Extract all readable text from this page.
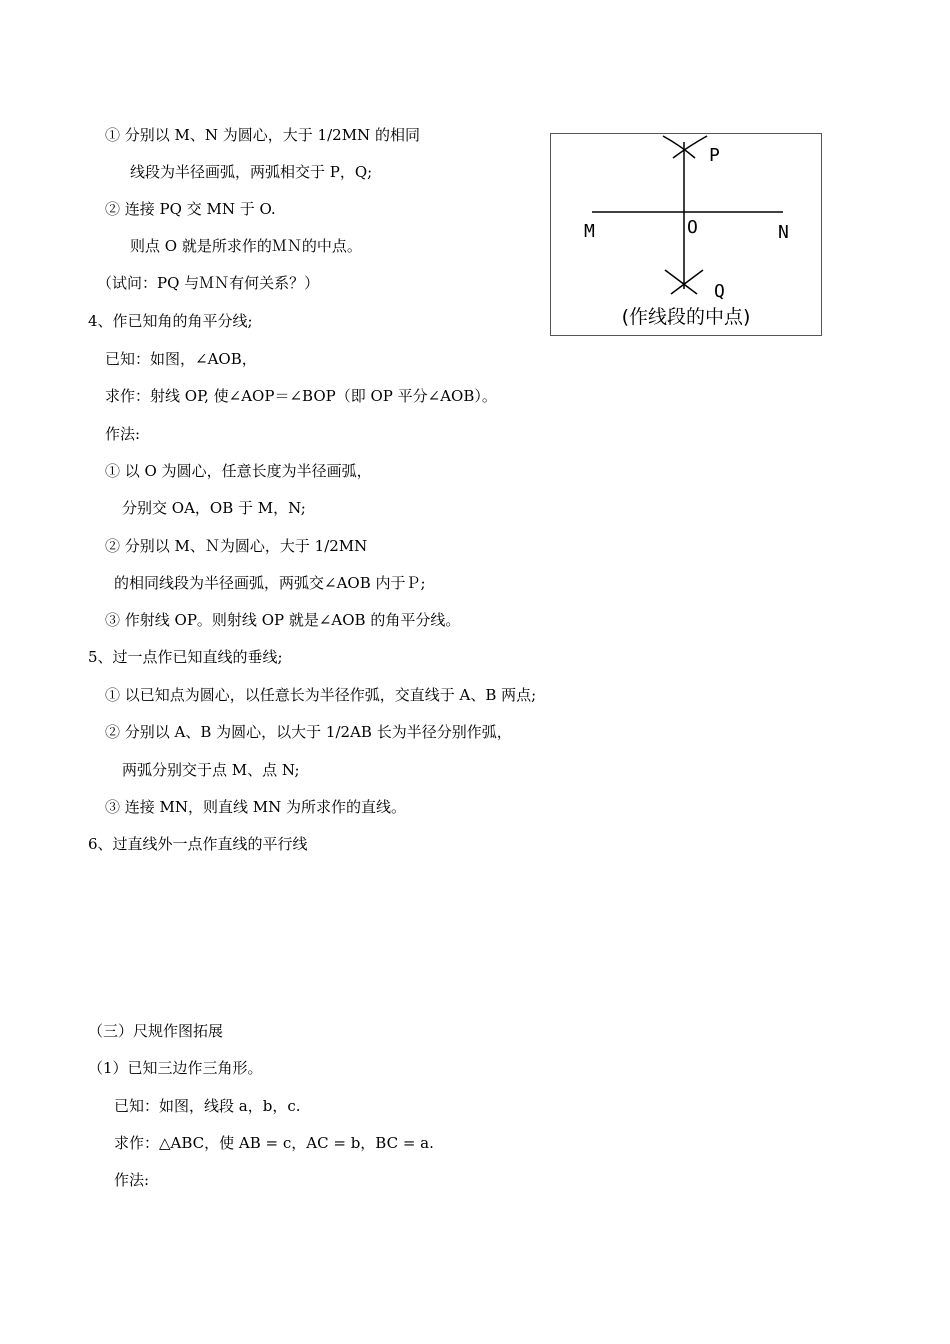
① 分别以 M、N 为圆心，大于 1/2MN 的相同
线段为半径画弧，两弧相交于 P，Q;
② 连接 PQ 交 MN 于 O.
则点 O 就是所求作的ＭＮ的中点。
（试问：PQ 与ＭＮ有何关系？）
4、作已知角的角平分线;
已知：如图，∠AOB，
求作：射线 OP, 使∠AOP＝∠BOP（即 OP 平分∠AOB）。
作法:
① 以 O 为圆心，任意长度为半径画弧，
分别交 OA，OB 于 M，N;
② 分别以 M、Ｎ为圆心，大于 1/2MN
的相同线段为半径画弧，两弧交∠AOB 内于Ｐ;
③ 作射线 OP。则射线 OP 就是∠AOB 的角平分线。
5、过一点作已知直线的垂线;
① 以已知点为圆心，以任意长为半径作弧，交直线于 A、B 两点;
② 分别以 A、B 为圆心，以大于 1/2AB 长为半径分别作弧，
两弧分别交于点 M、点 N;
③ 连接 MN，则直线 MN 为所求作的直线。
6、过直线外一点作直线的平行线
（三）尺规作图拓展
（1）已知三边作三角形。
已知：如图，线段 a，b，c.
求作：△ABC，使 AB = c，AC = b，BC = a.
作法:
P
M	O	N
Q
(作线段的中点)
